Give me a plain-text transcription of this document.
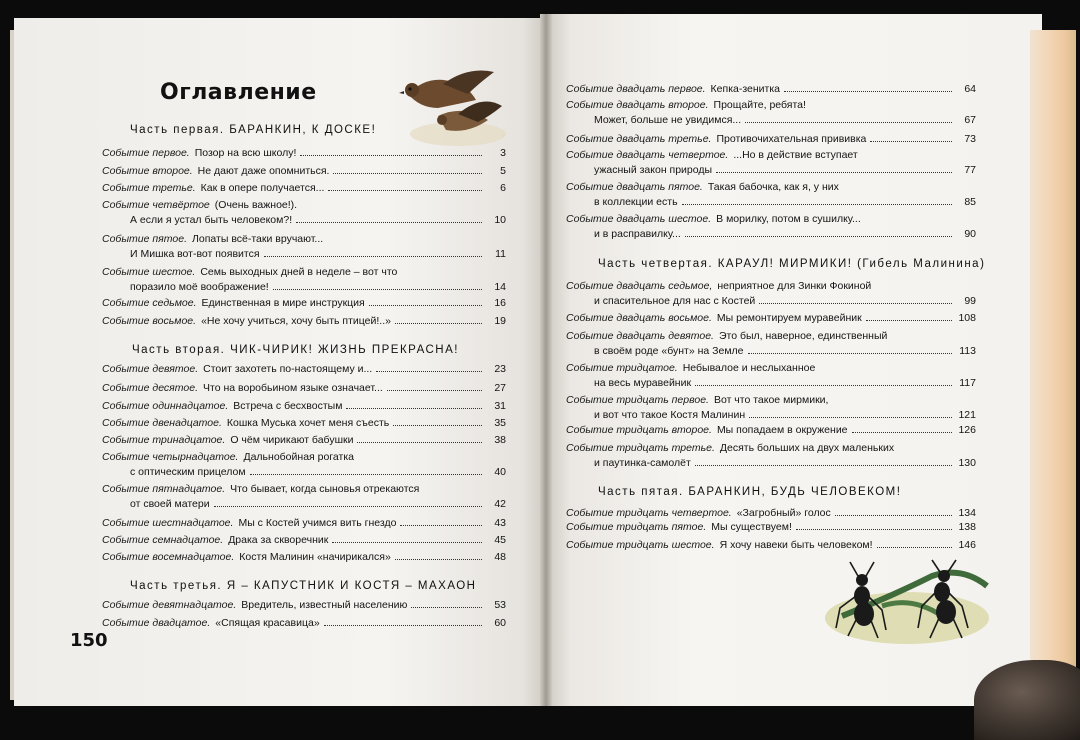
Оглавление
Часть первая. БАРАНКИН, К ДОСКЕ!
Событие первое. Позор на всю школу!	3
Событие второе. Не дают даже опомниться.	5
Событие третье. Как в опере получается...	6
Событие четвёртое (Очень важное!).
А если я устал быть человеком?!	10
Событие пятое. Лопаты всё-таки вручают...
И Мишка вот-вот появится	11
Событие шестое. Семь выходных дней в неделе – вот что
поразило моё воображение!	14
Событие седьмое. Единственная в мире инструкция	16
Событие восьмое. «Не хочу учиться, хочу быть птицей!..»	19
Часть вторая. ЧИК-ЧИРИК! ЖИЗНЬ ПРЕКРАСНА!
Событие девятое. Стоит захотеть по-настоящему и...	23
Событие десятое. Что на воробьином языке означает...	27
Событие одиннадцатое. Встреча с бесхвостым	31
Событие двенадцатое. Кошка Муська хочет меня съесть	35
Событие тринадцатое. О чём чирикают бабушки	38
Событие четырнадцатое. Дальнобойная рогатка
с оптическим прицелом	40
Событие пятнадцатое. Что бывает, когда сыновья отрекаются
от своей матери	42
Событие шестнадцатое. Мы с Костей учимся вить гнездо	43
Событие семнадцатое. Драка за скворечник	45
Событие восемнадцатое. Костя Малинин «начирикался»	48
Часть третья. Я – КАПУСТНИК И КОСТЯ – МАХАОН
Событие девятнадцатое. Вредитель, известный населению	53
Событие двадцатое. «Спящая красавица»	60
Событие двадцать первое. Кепка-зенитка	64
Событие двадцать второе. Прощайте, ребята!
Может, больше не увидимся...	67
Событие двадцать третье. Противочихательная прививка	73
Событие двадцать четвертое. ...Но в действие вступает
ужасный закон природы	77
Событие двадцать пятое. Такая бабочка, как я, у них
в коллекции есть	85
Событие двадцать шестое. В морилку, потом в сушилку...
и в расправилку...	90
Часть четвертая. КАРАУЛ! МИРМИКИ! (Гибель Малинина)
Событие двадцать седьмое, неприятное для Зинки Фокиной
и спасительное для нас с Костей	99
Событие двадцать восьмое. Мы ремонтируем муравейник	108
Событие двадцать девятое. Это был, наверное, единственный
в своём роде «бунт» на Земле	113
Событие тридцатое. Небывалое и неслыханное
на весь муравейник	117
Событие тридцать первое. Вот что такое мирмики,
и вот что такое Костя Малинин	121
Событие тридцать второе. Мы попадаем в окружение	126
Событие тридцать третье. Десять больших на двух маленьких
и паутинка-самолёт	130
Часть пятая. БАРАНКИН, БУДЬ ЧЕЛОВЕКОМ!
Событие тридцать четвертое. «Загробный» голос	134
Событие тридцать пятое. Мы существуем!	138
Событие тридцать шестое. Я хочу навеки быть человеком!	146
150
